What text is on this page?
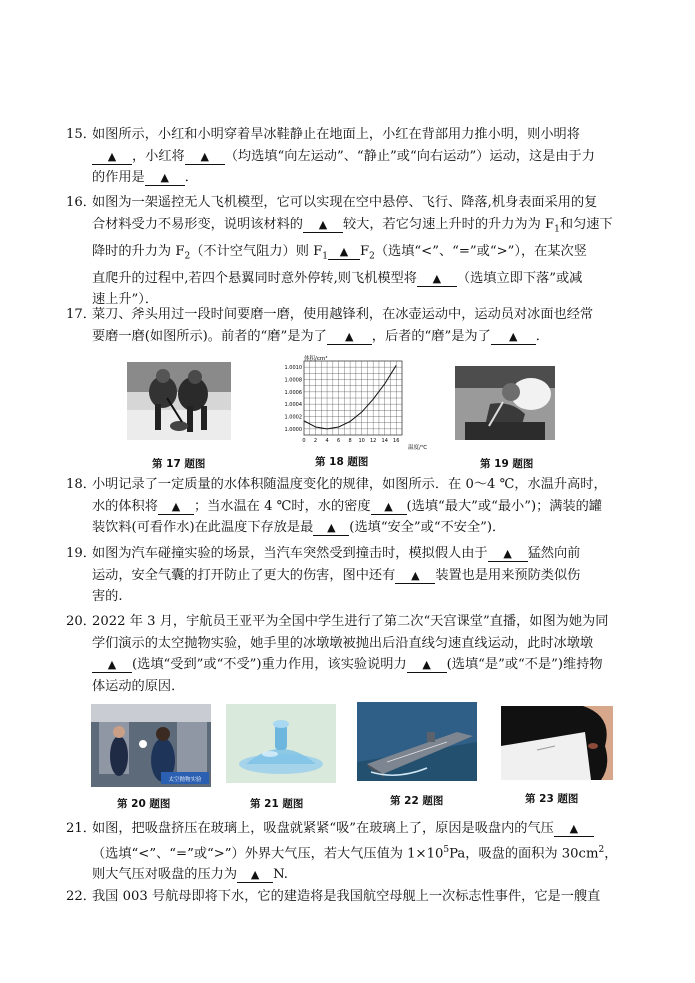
15．
如图所示，小红和小明穿着旱冰鞋静止在地面上，小红在背部用力推小明，则小明将
▲ ，小红将 ▲ （均选填“向左运动”、“静止”或“向右运动”）运动，这是由于力
的作用是 ▲ ．
16．
如图为一架遥控无人飞机模型，它可以实现在空中悬停、飞行、降落,机身表面采用的复
合材料受力不易形变，说明该材料的 ▲ 较大，若它匀速上升时的升力为为 $F_1$和匀速下
降时的升力为 $F_2$（不计空气阻力）则 $F_1$ ▲ $F_2$（选填“<”、“=”或“>”），在某次竖
直爬升的过程中,若四个悬翼同时意外停转,则飞机模型将 ▲ （选填立即下落”或减
速上升”）．
17．
菜刀、斧头用过一段时间要磨一磨，使用越锋利，在冰壶运动中，运动员对冰面也经常
要磨一磨(如图所示)。前者的“磨”是为了 ▲ ，后者的“磨”是为了 ▲ ．
第 17 题图
1.0000
1.0002
1.0004
1.0006
1.0008
1.0010
0 2 4 6 8 10 12 14 16
体积/cm³
温度/℃
第 18 题图	第 19 题图
18．
小明记录了一定质量的水体积随温度变化的规律，如图所示．在 0～4 ℃，水温升高时，
水的体积将 ▲ ；当水温在 4 ℃时，水的密度 ▲ (选填“最大”或“最小”)；满装的罐
装饮料(可看作水)在此温度下存放是最 ▲ (选填“安全”或“不安全”)．
19．
如图为汽车碰撞实验的场景，当汽车突然受到撞击时，模拟假人由于 ▲ 猛然向前
运动，安全气囊的打开防止了更大的伤害，图中还有 ▲ 装置也是用来预防类似伤
害的.
20．
2022 年 3 月，宇航员王亚平为全国中学生进行了第二次“天宫课堂”直播，如图为她为同
学们演示的太空抛物实验，她手里的冰墩墩被抛出后沿直线匀速直线运动，此时冰墩墩
▲ (选填“受到”或“不受”)重力作用，该实验说明力 ▲ (选填“是”或“不是”)维持物
体运动的原因．
太空抛物实验
第 20 题图	第 21 题图	第 22 题图	第 23 题图
21．
如图，把吸盘挤压在玻璃上，吸盘就紧紧“吸”在玻璃上了，原因是吸盘内的气压 ▲
（选填“<”、“=”或“>”）外界大气压，若大气压值为 $1\times 10^5Pa$，吸盘的面积为 $30cm^2$，
则大气压对吸盘的压力为 ▲ N.
22．
我国 003 号航母即将下水，它的建造将是我国航空母舰上一次标志性事件，它是一艘直
